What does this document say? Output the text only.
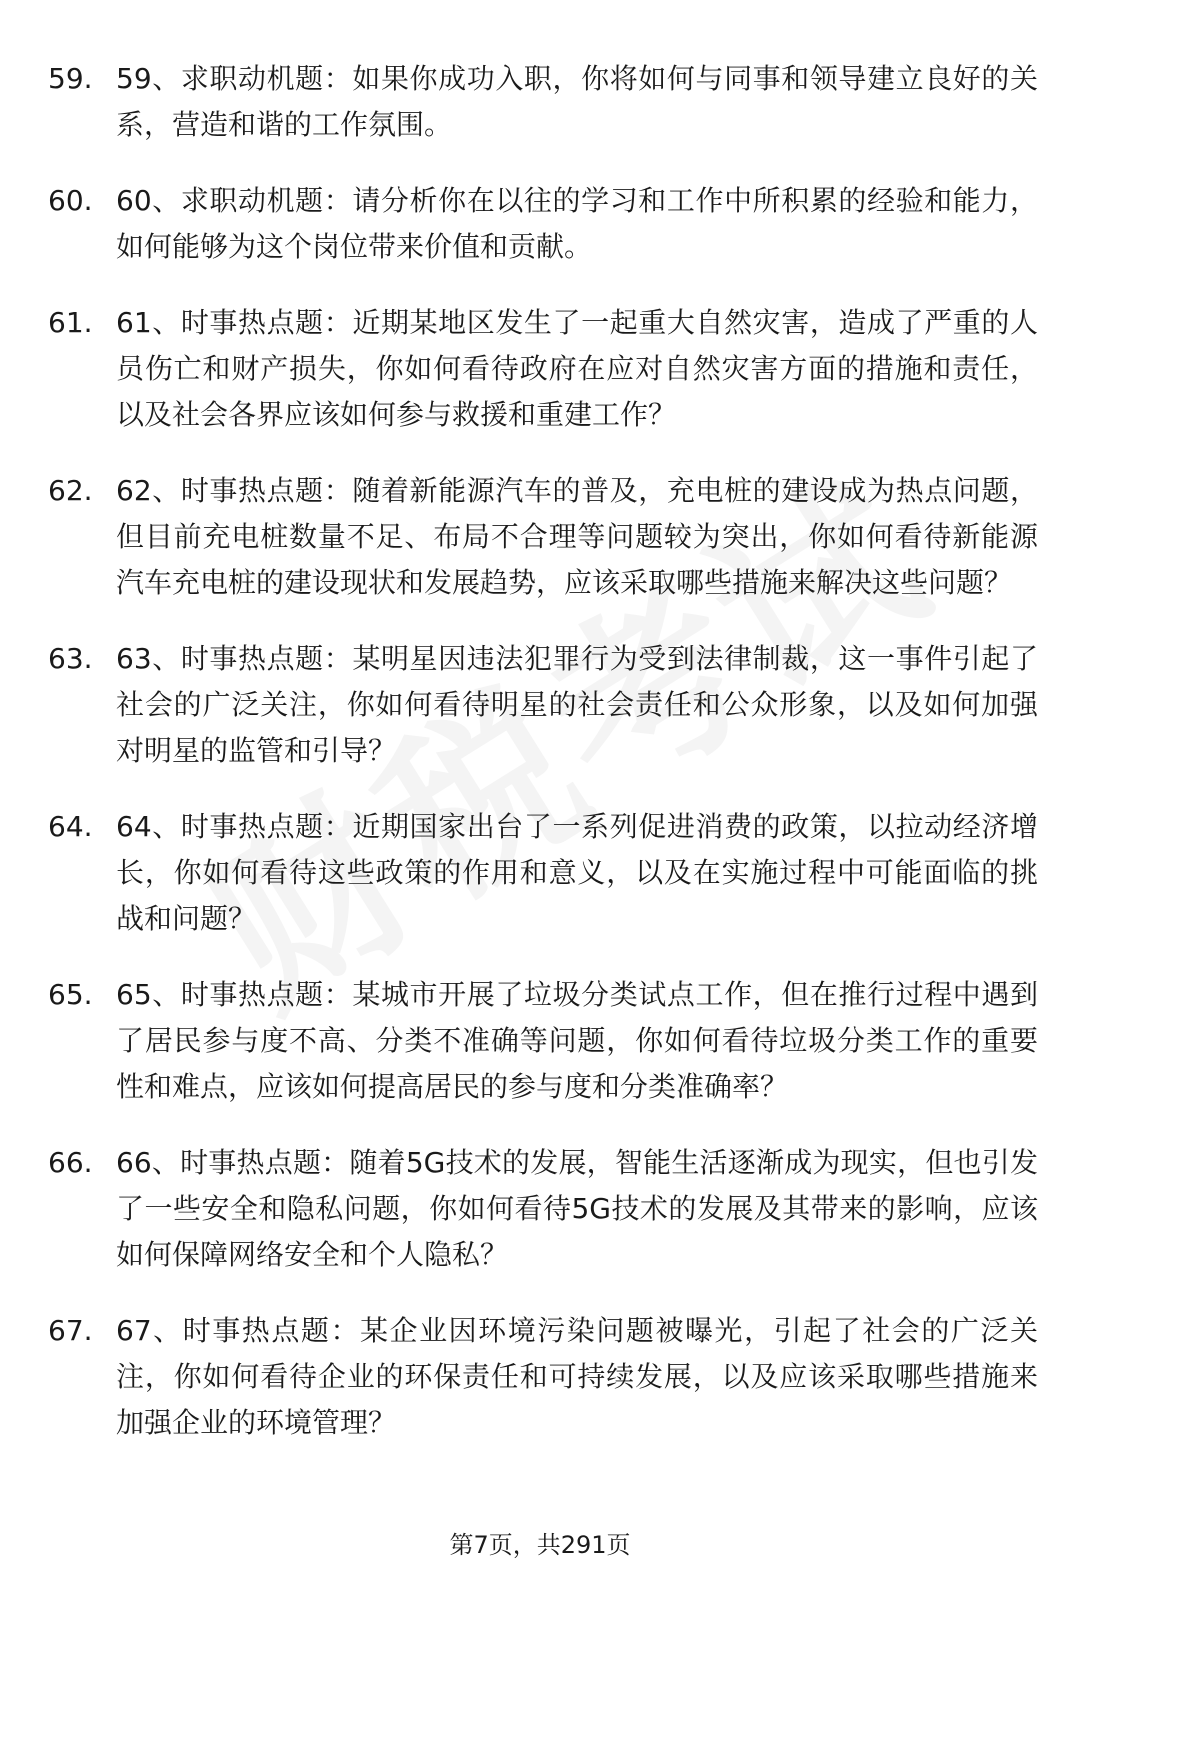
59. 59、求职动机题：如果你成功入职，你将如何与同事和领导建立良好的关系，营造和谐的工作氛围。
60. 60、求职动机题：请分析你在以往的学习和工作中所积累的经验和能力，如何能够为这个岗位带来价值和贡献。
61. 61、时事热点题：近期某地区发生了一起重大自然灾害，造成了严重的人员伤亡和财产损失，你如何看待政府在应对自然灾害方面的措施和责任，以及社会各界应该如何参与救援和重建工作？
62. 62、时事热点题：随着新能源汽车的普及，充电桩的建设成为热点问题，但目前充电桩数量不足、布局不合理等问题较为突出，你如何看待新能源汽车充电桩的建设现状和发展趋势，应该采取哪些措施来解决这些问题？
63. 63、时事热点题：某明星因违法犯罪行为受到法律制裁，这一事件引起了社会的广泛关注，你如何看待明星的社会责任和公众形象，以及如何加强对明星的监管和引导？
64. 64、时事热点题：近期国家出台了一系列促进消费的政策，以拉动经济增长，你如何看待这些政策的作用和意义，以及在实施过程中可能面临的挑战和问题？
65. 65、时事热点题：某城市开展了垃圾分类试点工作，但在推行过程中遇到了居民参与度不高、分类不准确等问题，你如何看待垃圾分类工作的重要性和难点，应该如何提高居民的参与度和分类准确率？
66. 66、时事热点题：随着5G技术的发展，智能生活逐渐成为现实，但也引发了一些安全和隐私问题，你如何看待5G技术的发展及其带来的影响，应该如何保障网络安全和个人隐私？
67. 67、时事热点题：某企业因环境污染问题被曝光，引起了社会的广泛关注，你如何看待企业的环保责任和可持续发展，以及应该采取哪些措施来加强企业的环境管理？
第7页，共291页
